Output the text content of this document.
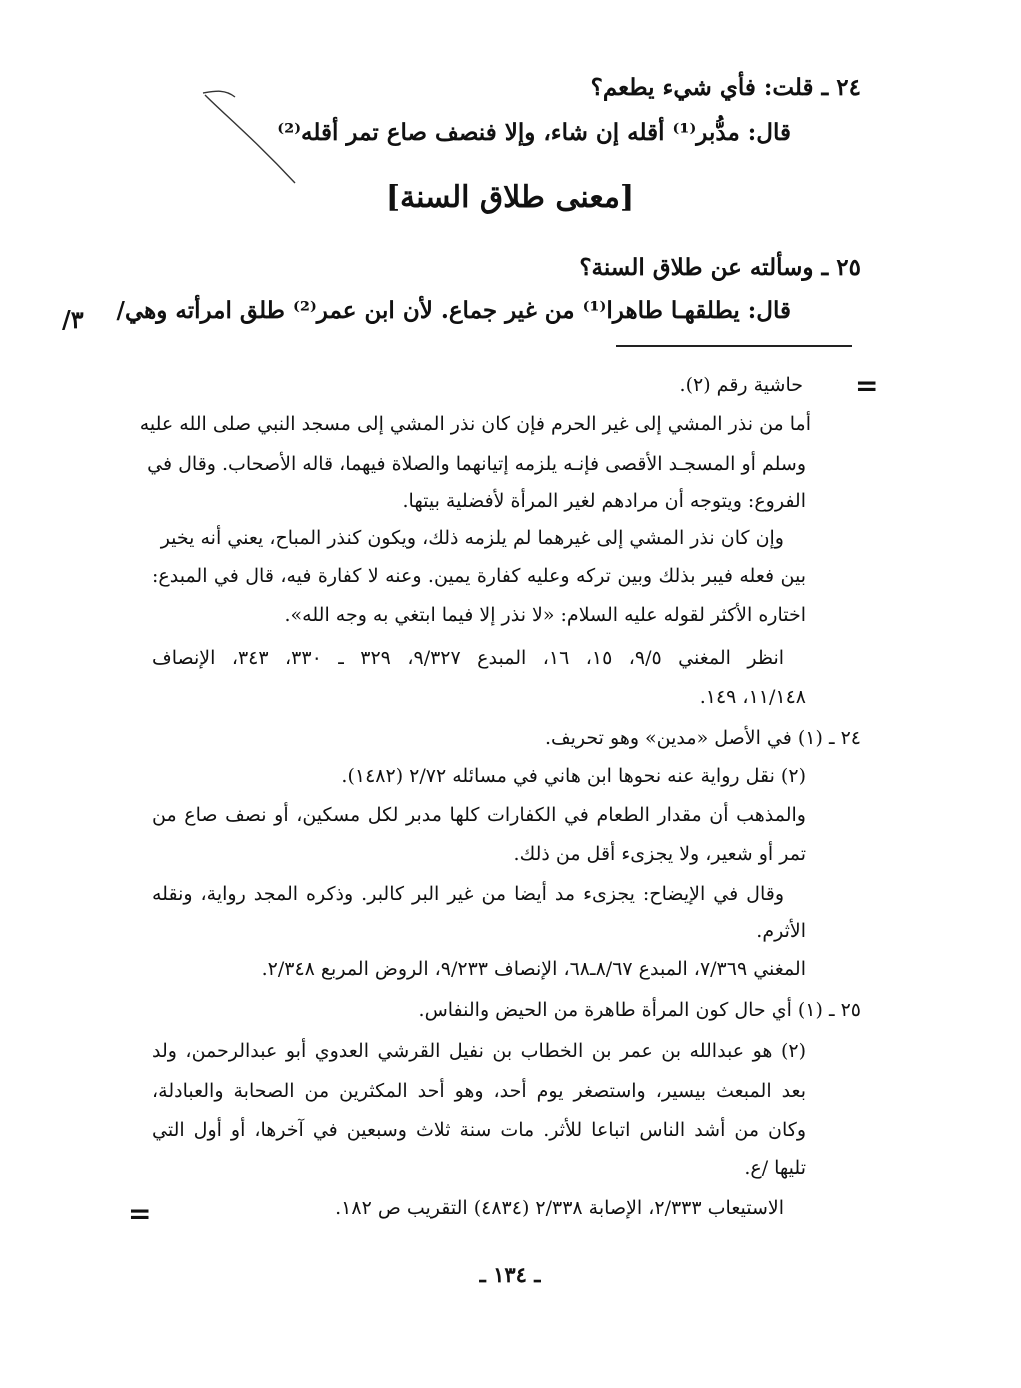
٢٤ ـ قلت: فأي شيء يطعم؟
قال: مدُّبر⁽¹⁾ أقله إن شاء، وإلا فنصف صاع تمر أقله⁽²⁾
[معنى طلاق السنة]
٢٥ ـ وسألته عن طلاق السنة؟
قال: يطلقهـا طاهرا⁽¹⁾ من غير جماع. لأن ابن عمر⁽²⁾ طلق امرأته وهي/
/٣
=
حاشية رقم (٢).
أما من نذر المشي إلى غير الحرم فإن كان نذر المشي إلى مسجد النبي صلى الله عليه
وسلم أو المسجـد الأقصى فإنـه يلزمه إتيانهما والصلاة فيهما، قاله الأصحاب. وقال في
الفروع: ويتوجه أن مرادهم لغير المرأة لأفضلية بيتها.
وإن كان نذر المشي إلى غيرهما لم يلزمه ذلك، ويكون كنذر المباح، يعني أنه يخير
بين فعله فيبر بذلك وبين تركه وعليه كفارة يمين. وعنه لا كفارة فيه، قال في المبدع:
اختاره الأكثر لقوله عليه السلام: «لا نذر إلا فيما ابتغي به وجه الله».
انظر المغني ٩/٥، ١٥، ١٦، المبدع ٩/٣٢٧، ٣٢٩ ـ ٣٣٠، ٣٤٣، الإنصاف
١١/١٤٨، ١٤٩.
٢٤ ـ (١) في الأصل «مدين» وهو تحريف.
(٢) نقل رواية عنه نحوها ابن هاني في مسائله ٢/٧٢ (١٤٨٢).
والمذهب أن مقدار الطعام في الكفارات كلها مدبر لكل مسكين، أو نصف صاع من
تمر أو شعير، ولا يجزىء أقل من ذلك.
وقال في الإيضاح: يجزىء مد أيضا من غير البر كالبر. وذكره المجد رواية، ونقله
الأثرم.
المغني ٧/٣٦٩، المبدع ٨/٦٧ـ٦٨، الإنصاف ٩/٢٣٣، الروض المربع ٢/٣٤٨.
٢٥ ـ (١) أي حال كون المرأة طاهرة من الحيض والنفاس.
(٢) هو عبدالله بن عمر بن الخطاب بن نفيل القرشي العدوي أبو عبدالرحمن، ولد
بعد المبعث بيسير، واستصغر يوم أحد، وهو أحد المكثرين من الصحابة والعبادلة،
وكان من أشد الناس اتباعا للأثر. مات سنة ثلاث وسبعين في آخرها، أو أول التي
تليها /ع.
الاستيعاب ٢/٣٣٣، الإصابة ٢/٣٣٨ (٤٨٣٤) التقريب ص ١٨٢.
=
ـ ١٣٤ ـ
